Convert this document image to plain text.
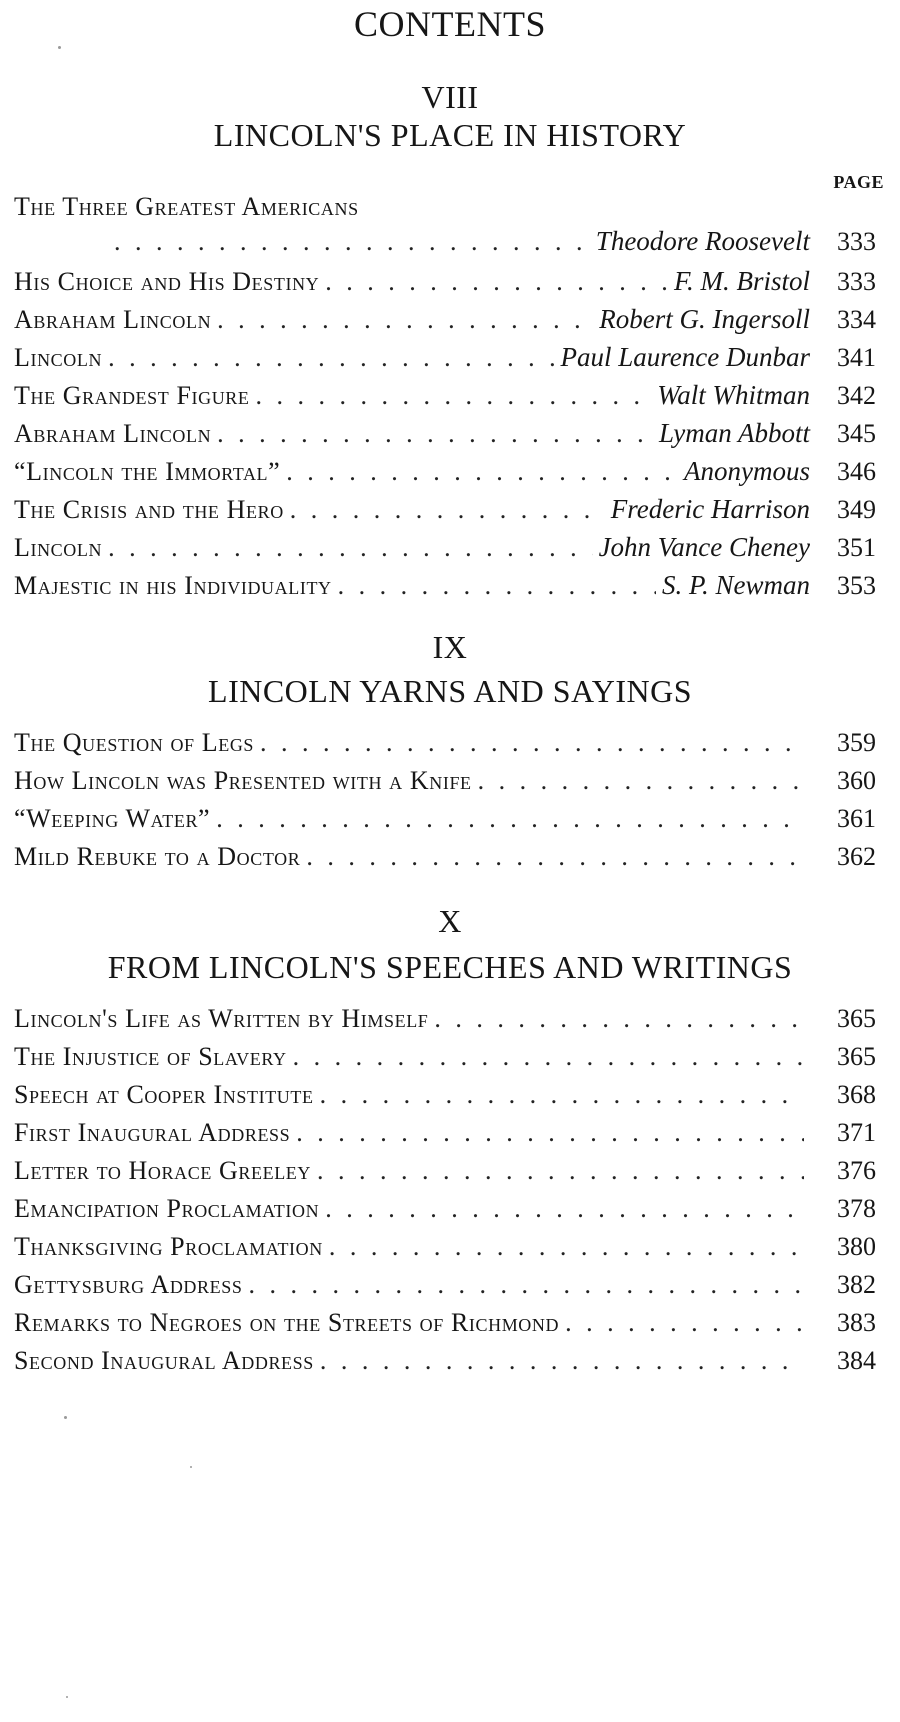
CONTENTS
VIII
LINCOLN'S PLACE IN HISTORY
PAGE
The Three Greatest Americans
. . .
Theodore Roosevelt	333
His Choice and His Destiny . . .	F. M. Bristol	333
Abraham Lincoln . . .	Robert G. Ingersoll	334
Lincoln . . .	Paul Laurence Dunbar	341
The Grandest Figure . . .	Walt Whitman	342
Abraham Lincoln . . .	Lyman Abbott	345
“Lincoln the Immortal” . . .	Anonymous	346
The Crisis and the Hero . . .	Frederic Harrison	349
Lincoln . . .	John Vance Cheney	351
Majestic in his Individuality . . .	S. P. Newman	353
IX
LINCOLN YARNS AND SAYINGS
The Question of Legs . . .	359
How Lincoln was Presented with a Knife . . .	360
“Weeping Water” . . .	361
Mild Rebuke to a Doctor . . .	362
X
FROM LINCOLN'S SPEECHES AND WRITINGS
Lincoln's Life as Written by Himself . . .	365
The Injustice of Slavery . . .	365
Speech at Cooper Institute . . .	368
First Inaugural Address . . .	371
Letter to Horace Greeley . . .	376
Emancipation Proclamation . . .	378
Thanksgiving Proclamation . . .	380
Gettysburg Address . . .	382
Remarks to Negroes on the Streets of Richmond . . .	383
Second Inaugural Address . . .	384
